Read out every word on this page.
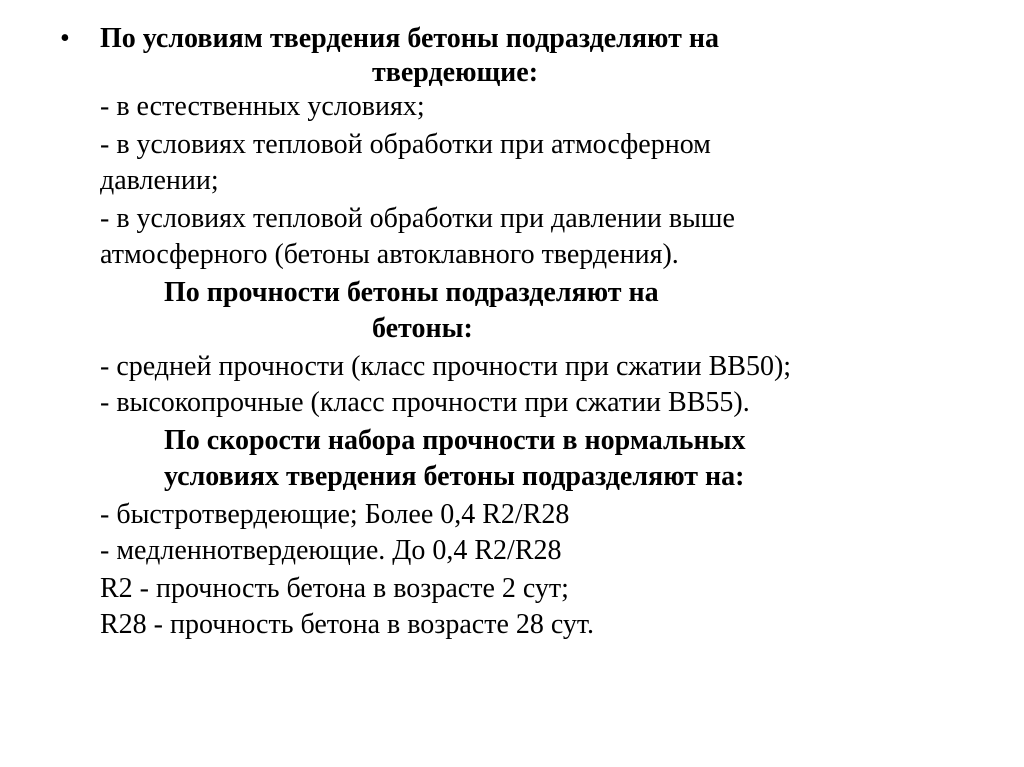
• По условиям твердения бетоны подразделяют на
твердеющие:
- в естественных условиях;
- в условиях тепловой обработки при атмосферном
давлении;
- в условиях тепловой обработки при давлении выше
атмосферного (бетоны автоклавного твердения).
По прочности бетоны подразделяют на
бетоны:
- средней прочности (класс прочности при сжатии ВВ50);
- высокопрочные (класс прочности при сжатии ВВ55).
По скорости набора прочности в нормальных
условиях твердения бетоны подразделяют на:
- быстротвердеющие; Более 0,4 R2/R28
- медленнотвердеющие. До 0,4 R2/R28
R2 - прочность бетона в возрасте 2 сут;
R28 - прочность бетона в возрасте 28 сут.
